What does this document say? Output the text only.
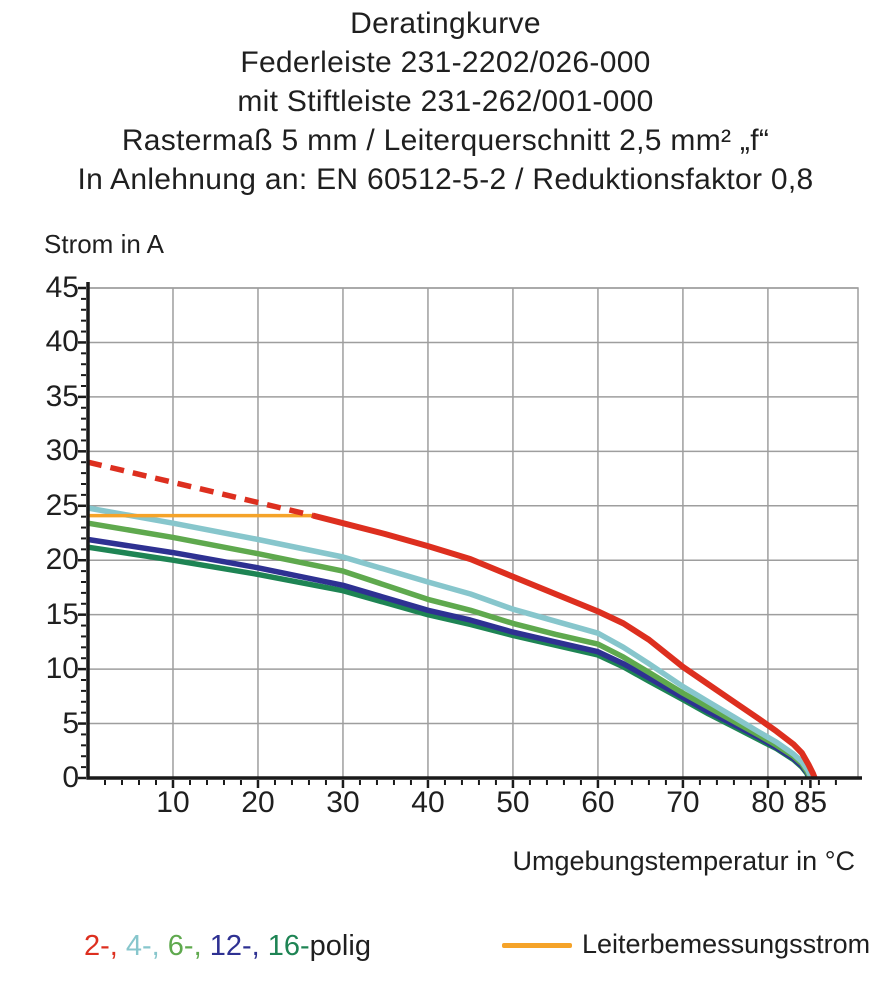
Deratingkurve
Federleiste 231-2202/026-000
mit Stiftleiste 231-262/001-000
Rastermaß 5 mm / Leiterquerschnitt 2,5 mm² „f“
In Anlehnung an: EN 60512-5-2 / Reduktionsfaktor 0,8
Strom in A
Umgebungstemperatur in °C
10	20	30	40	50	60	70	80 85
0
5
10
15
20
25
30
35
40
45
2-, 4-, 6-, 12-, 16-polig	Leiterbemessungsstrom
